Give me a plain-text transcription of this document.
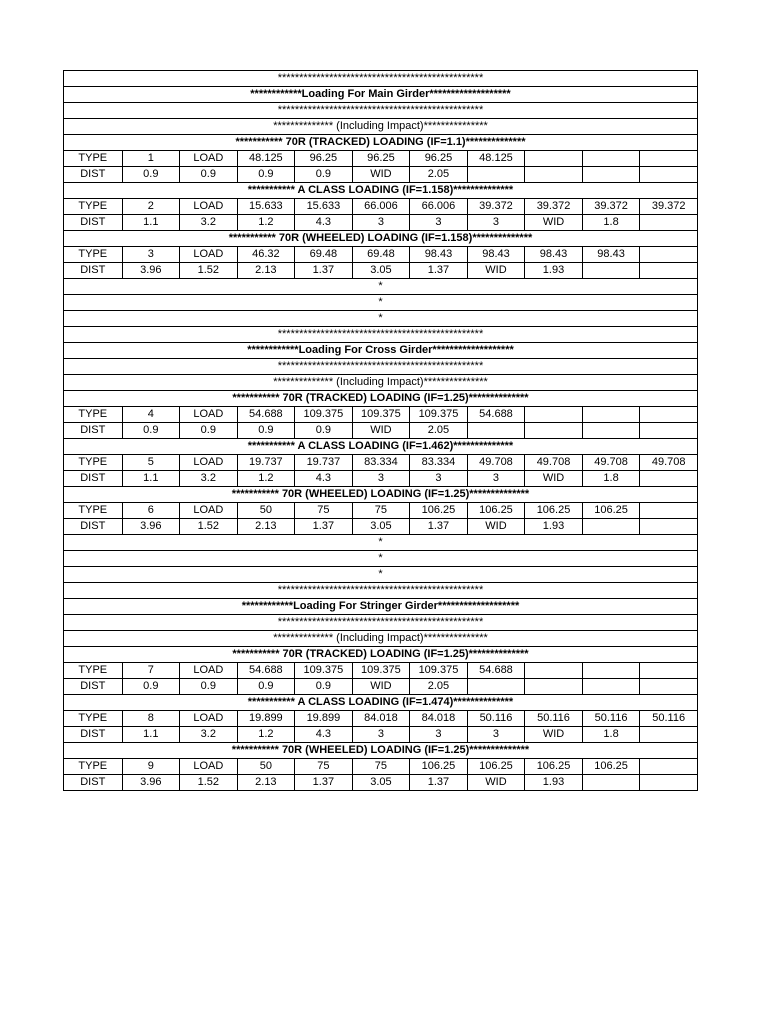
************************************************										
************Loading For Main Girder*******************										
************************************************										
************** (Including Impact)***************										
*********** 70R (TRACKED) LOADING (IF=1.1)**************										
TYPE	1	LOAD	48.125	96.25	96.25	96.25	48.125			
DIST	0.9	0.9	0.9	0.9	WID	2.05				
*********** A CLASS LOADING (IF=1.158)**************										
TYPE	2	LOAD	15.633	15.633	66.006	66.006	39.372	39.372	39.372	39.372
DIST	1.1	3.2	1.2	4.3	3	3	3	WID	1.8	
*********** 70R (WHEELED) LOADING (IF=1.158)**************										
TYPE	3	LOAD	46.32	69.48	69.48	98.43	98.43	98.43	98.43	
DIST	3.96	1.52	2.13	1.37	3.05	1.37	WID	1.93		
*										
*										
*										
************************************************										
************Loading For Cross Girder*******************										
************************************************										
************** (Including Impact)***************										
*********** 70R (TRACKED) LOADING (IF=1.25)**************										
TYPE	4	LOAD	54.688	109.375	109.375	109.375	54.688			
DIST	0.9	0.9	0.9	0.9	WID	2.05				
*********** A CLASS LOADING (IF=1.462)**************										
TYPE	5	LOAD	19.737	19.737	83.334	83.334	49.708	49.708	49.708	49.708
DIST	1.1	3.2	1.2	4.3	3	3	3	WID	1.8	
*********** 70R (WHEELED) LOADING (IF=1.25)**************										
TYPE	6	LOAD	50	75	75	106.25	106.25	106.25	106.25	
DIST	3.96	1.52	2.13	1.37	3.05	1.37	WID	1.93		
*										
*										
*										
************************************************										
************Loading For Stringer Girder*******************										
************************************************										
************** (Including Impact)***************										
*********** 70R (TRACKED) LOADING (IF=1.25)**************										
TYPE	7	LOAD	54.688	109.375	109.375	109.375	54.688			
DIST	0.9	0.9	0.9	0.9	WID	2.05				
*********** A CLASS LOADING (IF=1.474)**************										
TYPE	8	LOAD	19.899	19.899	84.018	84.018	50.116	50.116	50.116	50.116
DIST	1.1	3.2	1.2	4.3	3	3	3	WID	1.8	
*********** 70R (WHEELED) LOADING (IF=1.25)**************										
TYPE	9	LOAD	50	75	75	106.25	106.25	106.25	106.25	
DIST	3.96	1.52	2.13	1.37	3.05	1.37	WID	1.93		
